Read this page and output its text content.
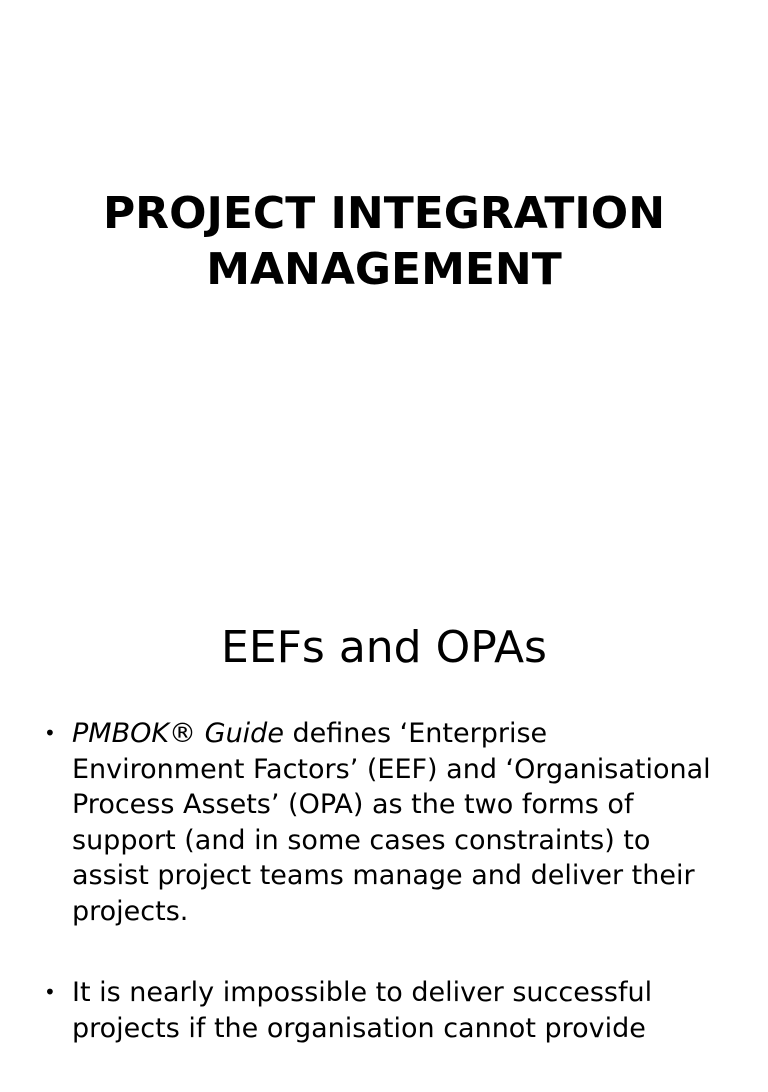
PROJECT INTEGRATION
MANAGEMENT
EEFs and OPAs
• PMBOK® Guide defines ‘Enterprise Environment Factors’ (EEF) and ‘Organisational Process Assets’ (OPA) as the two forms of support (and in some cases constraints) to assist project teams manage and deliver their projects.
• It is nearly impossible to deliver successful projects if the organisation cannot provide
